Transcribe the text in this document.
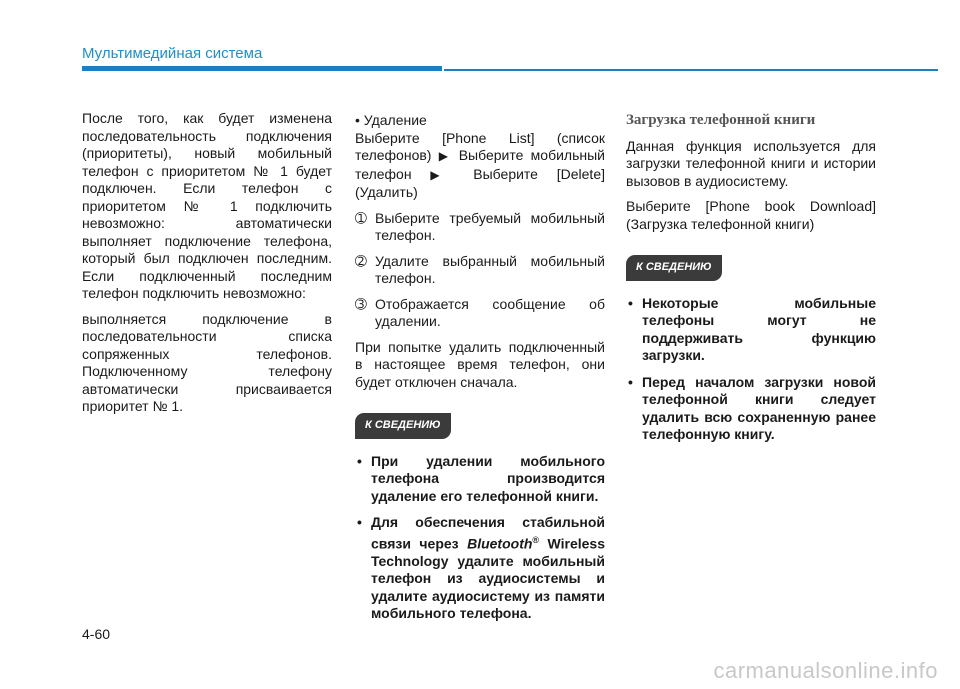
Мультимедийная система

После того, как будет изменена последовательность подключения (приоритеты), новый мобильный телефон с приоритетом № 1 будет подключен. Если телефон с приоритетом № 1 подключить невозможно: автоматически выполняет подключение телефона, который был подключен последним. Если подключенный последним телефон подключить невозможно:

выполняется подключение в последовательности списка сопряженных телефонов. Подключенному телефону автоматически присваивается приоритет № 1.

• Удаление

Выберите [Phone List] (список телефонов) ▶ Выберите мобильный телефон ▶ Выберите [Delete] (Удалить)

➀ Выберите требуемый мобильный телефон.
➁ Удалите выбранный мобильный телефон.
➂ Отображается сообщение об удалении.

При попытке удалить подключенный в настоящее время телефон, они будет отключен сначала.

К СВЕДЕНИЮ
• При удалении мобильного телефона производится удаление его телефонной книги.
• Для обеспечения стабильной связи через Bluetooth® Wireless Technology удалите мобильный телефон из аудиосистемы и удалите аудиосистему из памяти мобильного телефона.
Загрузка телефонной книги

Данная функция используется для загрузки телефонной книги и истории вызовов в аудиосистему.

Выберите [Phone book Download] (Загрузка телефонной книги)

К СВЕДЕНИЮ
• Некоторые мобильные телефоны могут не поддерживать функцию загрузки.
• Перед началом загрузки новой телефонной книги следует удалить всю сохраненную ранее телефонную книгу.
4-60
carmanualsonline.info
